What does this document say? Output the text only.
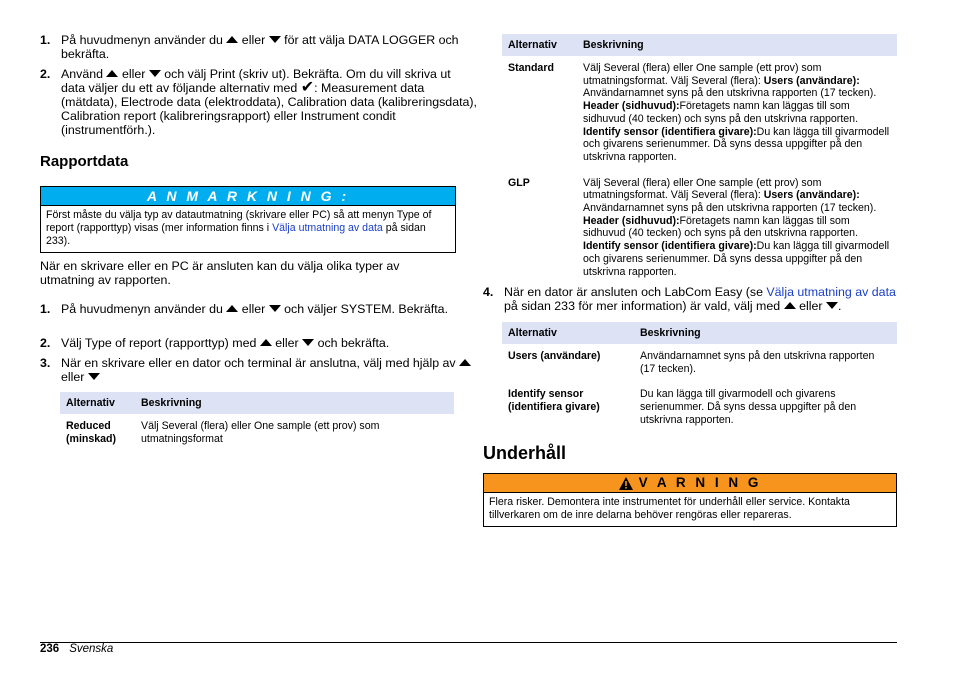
1. På huvudmenyn använder du eller för att välja DATA LOGGER och bekräfta.
2. Använd eller och välj Print (skriv ut). Bekräfta. Om du vill skriva ut data väljer du ett av följande alternativ med ✔: Measurement data (mätdata), Electrode data (elektroddata), Calibration data (kalibreringsdata), Calibration report (kalibreringsrapport) eller Instrument condit (instrumentförh.).
Rapportdata
A N M A R K N I N G :
Först måste du välja typ av datautmatning (skrivare eller PC) så att menyn Type of report (rapporttyp) visas (mer information finns i Välja utmatning av data på sidan 233).
När en skrivare eller en PC är ansluten kan du välja olika typer av utmatning av rapporten.
1. På huvudmenyn använder du eller och väljer SYSTEM. Bekräfta.
2. Välj Type of report (rapporttyp) med eller och bekräfta.
3. När en skrivare eller en dator och terminal är anslutna, välj med hjälp av  eller
Alternativ	Beskrivning
Reduced (minskad)	Välj Several (flera) eller One sample (ett prov) som utmatningsformat
Alternativ	Beskrivning
Standard	Välj Several (flera) eller One sample (ett prov) som utmatningsformat. Välj Several (flera): Users (användare): Användarnamnet syns på den utskrivna rapporten (17 tecken). Header (sidhuvud):Företagets namn kan läggas till som sidhuvud (40 tecken) och syns på den utskrivna rapporten. Identify sensor (identifiera givare):Du kan lägga till givarmodell och givarens serienummer. Då syns dessa uppgifter på den utskrivna rapporten.
GLP	Välj Several (flera) eller One sample (ett prov) som utmatningsformat. Välj Several (flera): Users (användare): Användarnamnet syns på den utskrivna rapporten (17 tecken). Header (sidhuvud):Företagets namn kan läggas till som sidhuvud (40 tecken) och syns på den utskrivna rapporten. Identify sensor (identifiera givare):Du kan lägga till givarmodell och givarens serienummer. Då syns dessa uppgifter på den utskrivna rapporten.
4. När en dator är ansluten och LabCom Easy (se Välja utmatning av data på sidan 233 för mer information) är vald, välj med eller .
Alternativ	Beskrivning
Users (användare)	Användarnamnet syns på den utskrivna rapporten (17 tecken).
Identify sensor (identifiera givare)	Du kan lägga till givarmodell och givarens serienummer. Då syns dessa uppgifter på den utskrivna rapporten.
Underhåll
V A R N I N G
Flera risker. Demontera inte instrumentet för underhåll eller service. Kontakta tillverkaren om de inre delarna behöver rengöras eller repareras.
236 Svenska
